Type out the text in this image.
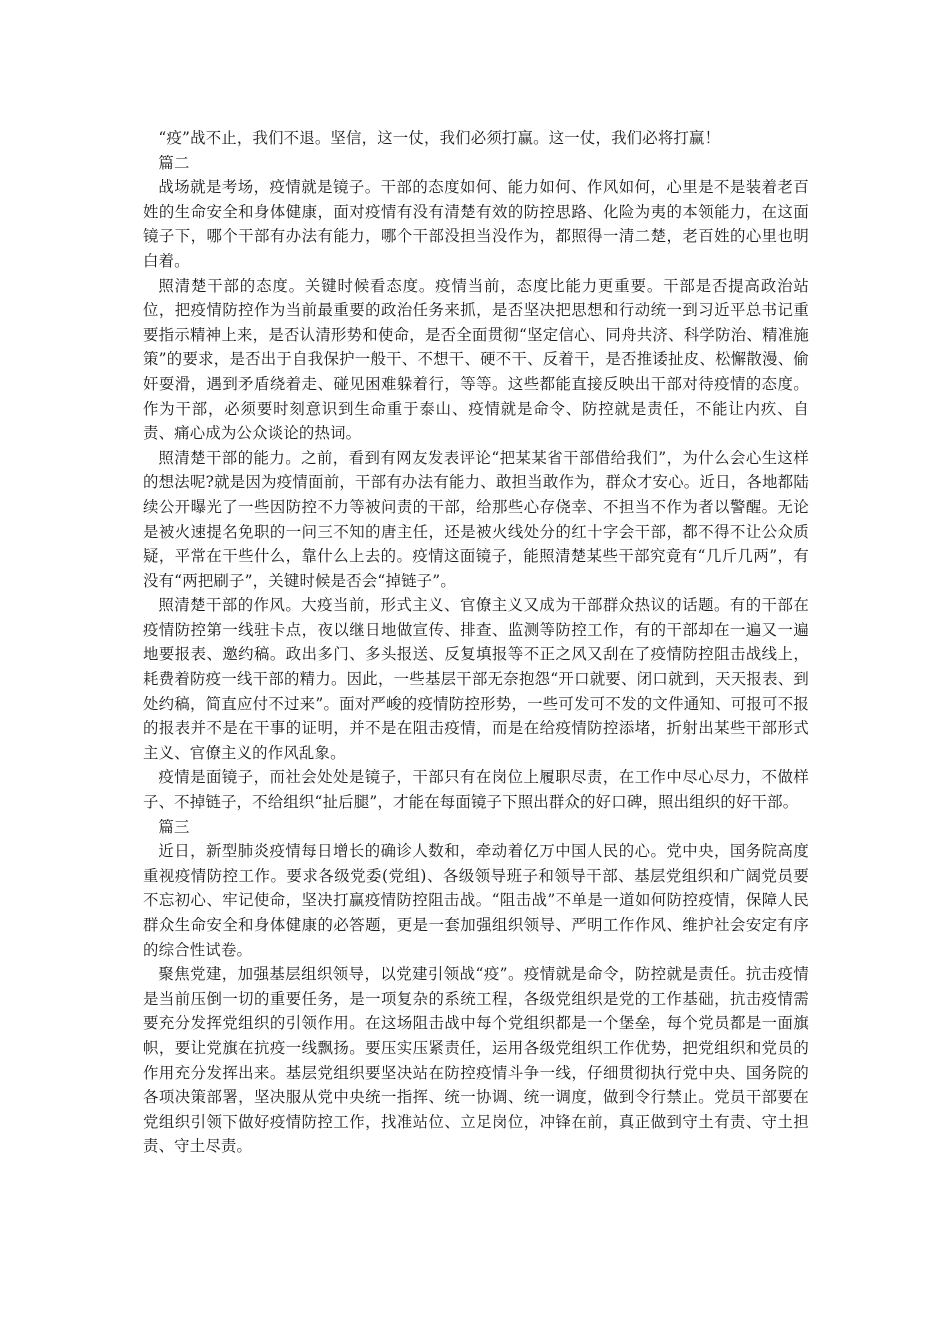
“疫”战不止，我们不退。坚信，这一仗，我们必须打赢。这一仗，我们必将打赢！

篇二

战场就是考场，疫情就是镜子。干部的态度如何、能力如何、作风如何，心里是不是装着老百姓的生命安全和身体健康，面对疫情有没有清楚有效的防控思路、化险为夷的本领能力，在这面镜子下，哪个干部有办法有能力，哪个干部没担当没作为，都照得一清二楚，老百姓的心里也明白着。

照清楚干部的态度。关键时候看态度。疫情当前，态度比能力更重要。干部是否提高政治站位，把疫情防控作为当前最重要的政治任务来抓，是否坚决把思想和行动统一到习近平总书记重要指示精神上来，是否认清形势和使命，是否全面贯彻“坚定信心、同舟共济、科学防治、精准施策”的要求，是否出于自我保护一般干、不想干、硬不干、反着干，是否推诿扯皮、松懈散漫、偷奸耍滑，遇到矛盾绕着走、碰见困难躲着行，等等。这些都能直接反映出干部对待疫情的态度。作为干部，必须要时刻意识到生命重于泰山、疫情就是命令、防控就是责任，不能让内疚、自责、痛心成为公众谈论的热词。

照清楚干部的能力。之前，看到有网友发表评论“把某某省干部借给我们”，为什么会心生这样的想法呢?就是因为疫情面前，干部有办法有能力、敢担当敢作为，群众才安心。近日，各地都陆续公开曝光了一些因防控不力等被问责的干部，给那些心存侥幸、不担当不作为者以警醒。无论是被火速提名免职的一问三不知的唐主任，还是被火线处分的红十字会干部，都不得不让公众质疑，平常在干些什么，靠什么上去的。疫情这面镜子，能照清楚某些干部究竟有“几斤几两”，有没有“两把刷子”，关键时候是否会“掉链子”。

照清楚干部的作风。大疫当前，形式主义、官僚主义又成为干部群众热议的话题。有的干部在疫情防控第一线驻卡点，夜以继日地做宣传、排查、监测等防控工作，有的干部却在一遍又一遍地要报表、邀约稿。政出多门、多头报送、反复填报等不正之风又刮在了疫情防控阻击战线上，耗费着防疫一线干部的精力。因此，一些基层干部无奈抱怨“开口就要、闭口就到，天天报表、到处约稿，简直应付不过来”。面对严峻的疫情防控形势，一些可发可不发的文件通知、可报可不报的报表并不是在干事的证明，并不是在阻击疫情，而是在给疫情防控添堵，折射出某些干部形式主义、官僚主义的作风乱象。

疫情是面镜子，而社会处处是镜子，干部只有在岗位上履职尽责，在工作中尽心尽力，不做样子、不掉链子，不给组织“扯后腿”，才能在每面镜子下照出群众的好口碑，照出组织的好干部。

篇三

近日，新型肺炎疫情每日增长的确诊人数和，牵动着亿万中国人民的心。党中央，国务院高度重视疫情防控工作。要求各级党委(党组)、各级领导班子和领导干部、基层党组织和广阔党员要不忘初心、牢记使命，坚决打赢疫情防控阻击战。“阻击战”不单是一道如何防控疫情，保障人民群众生命安全和身体健康的必答题，更是一套加强组织领导、严明工作作风、维护社会安定有序的综合性试卷。

聚焦党建，加强基层组织领导，以党建引领战“疫”。疫情就是命令，防控就是责任。抗击疫情是当前压倒一切的重要任务，是一项复杂的系统工程，各级党组织是党的工作基础，抗击疫情需要充分发挥党组织的引领作用。在这场阻击战中每个党组织都是一个堡垒，每个党员都是一面旗帜，要让党旗在抗疫一线飘扬。要压实压紧责任，运用各级党组织工作优势，把党组织和党员的作用充分发挥出来。基层党组织要坚决站在防控疫情斗争一线，仔细贯彻执行党中央、国务院的各项决策部署，坚决服从党中央统一指挥、统一协调、统一调度，做到令行禁止。党员干部要在党组织引领下做好疫情防控工作，找准站位、立足岗位，冲锋在前，真正做到守土有责、守土担责、守土尽责。
